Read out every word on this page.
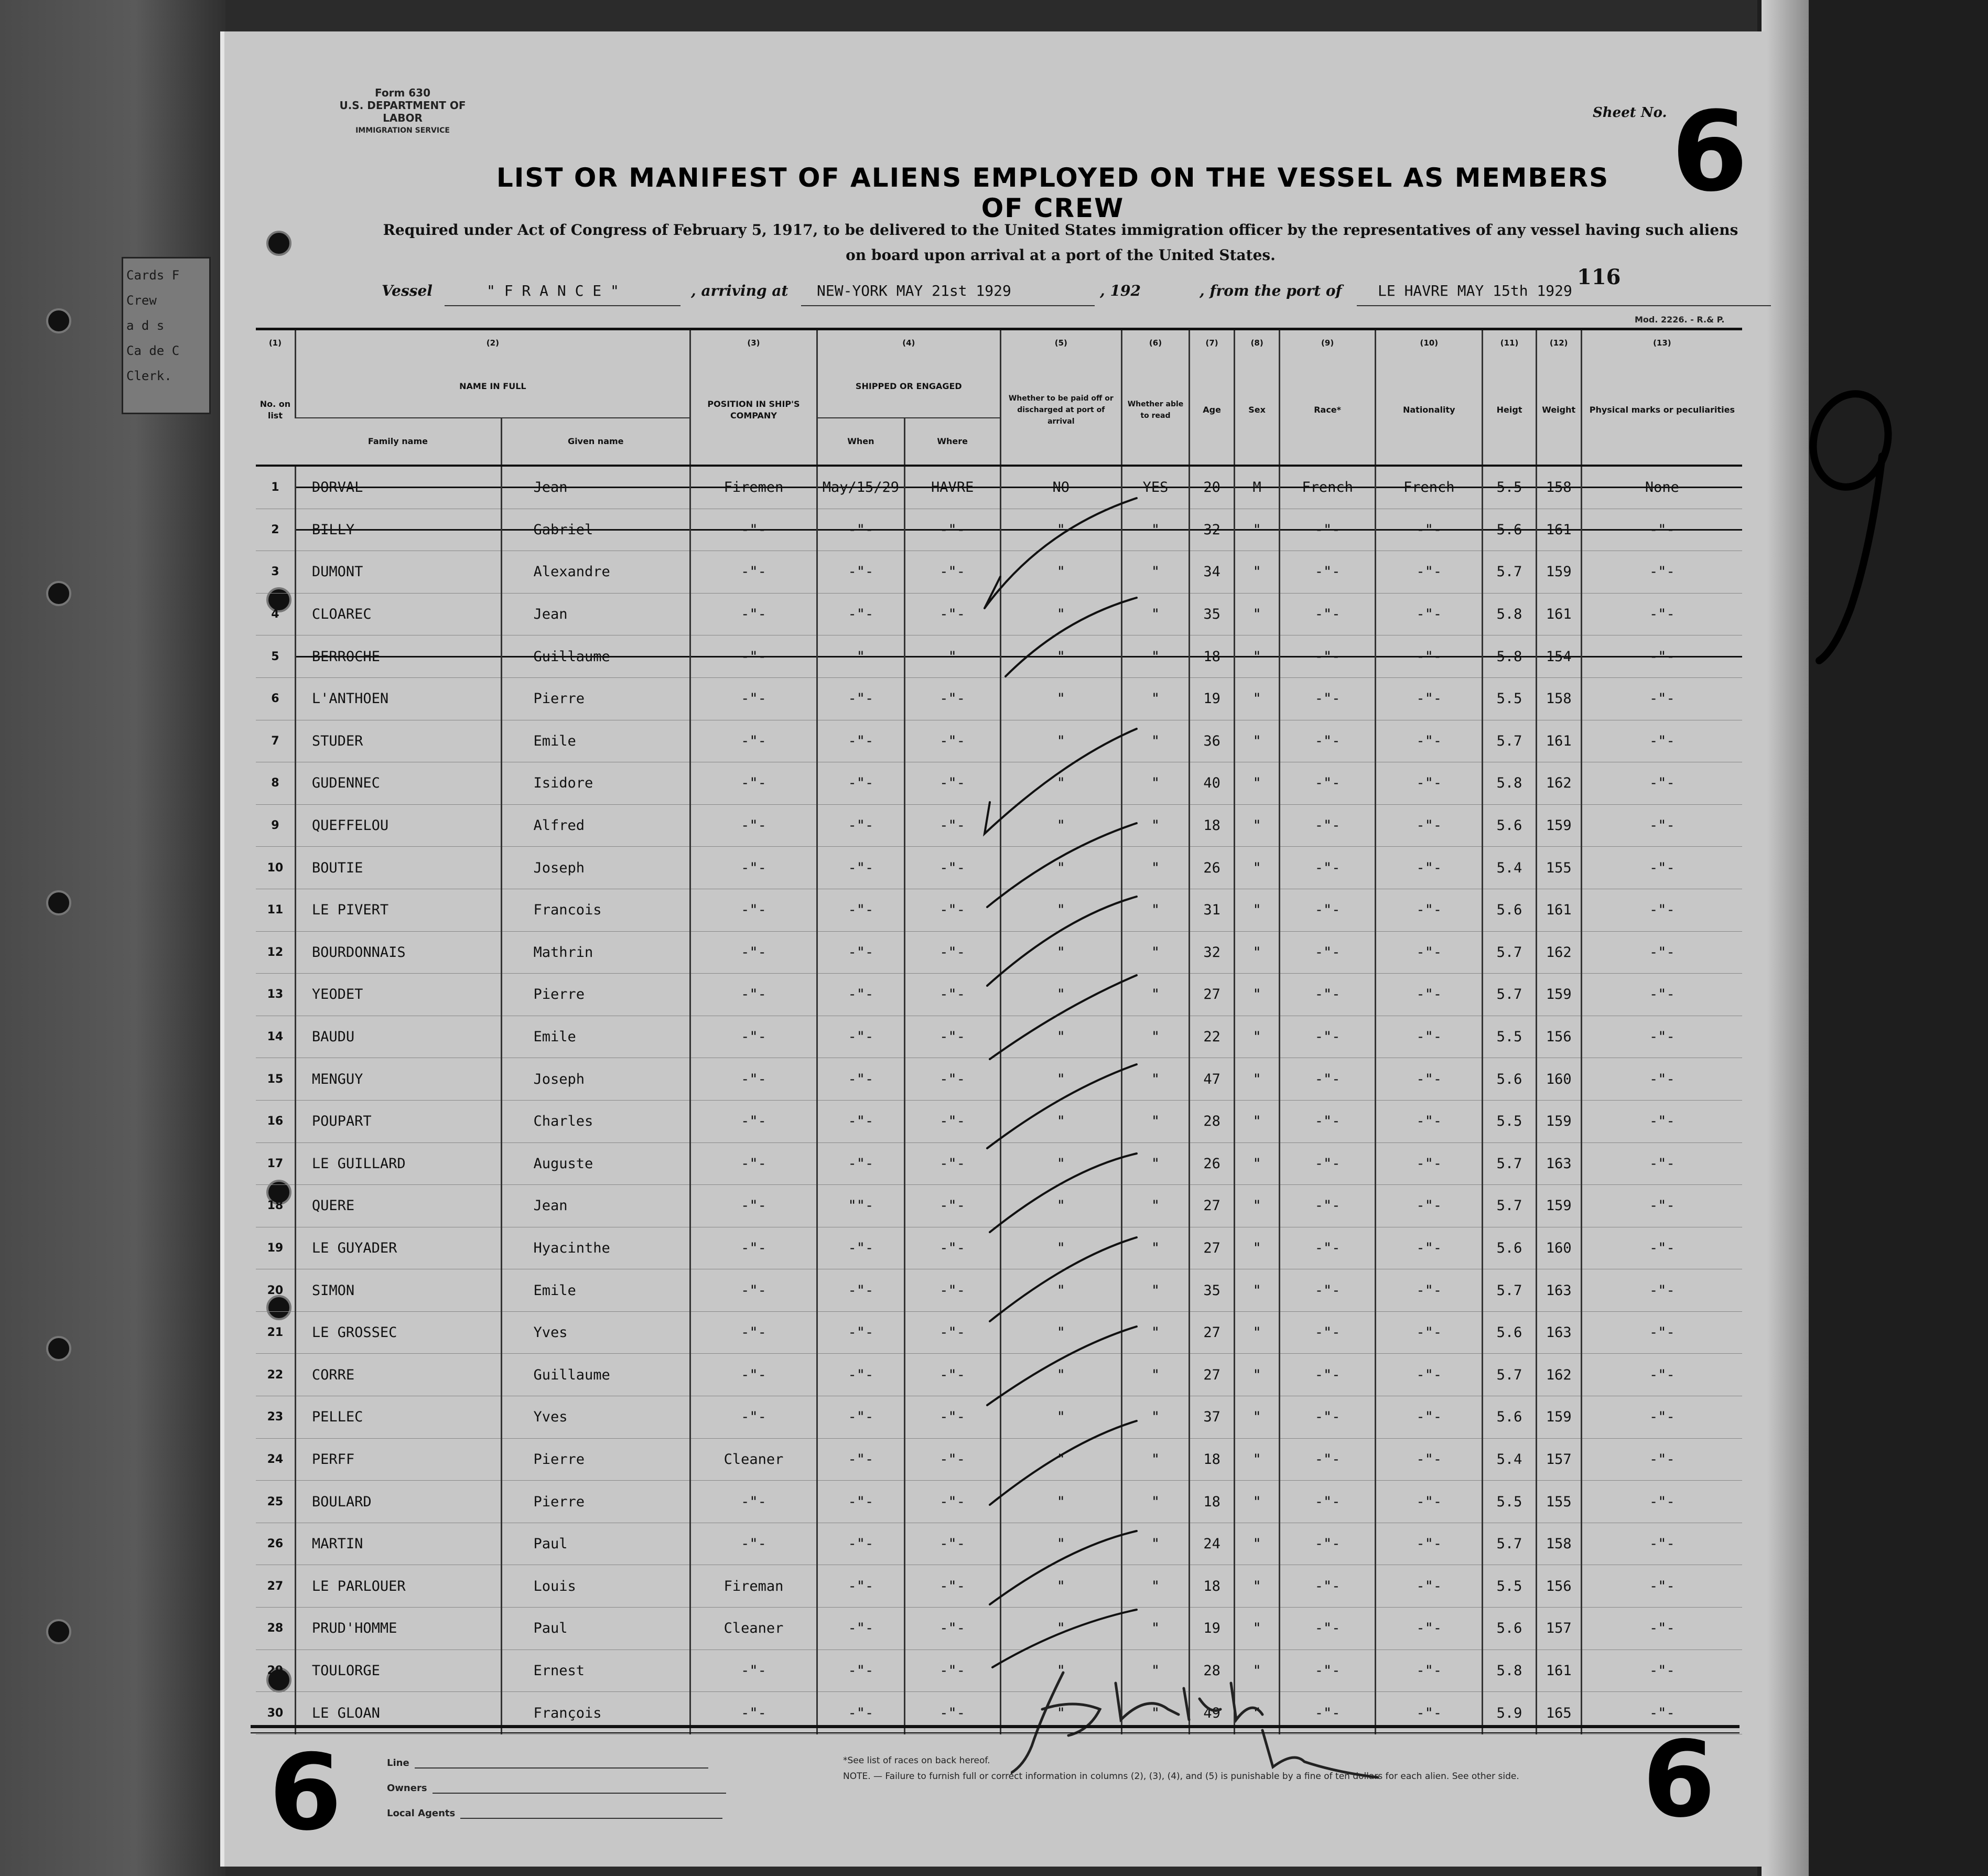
Cards F
Crew
a d s
Ca de C
Clerk.
Form 630
U.S. DEPARTMENT OF LABOR
IMMIGRATION SERVICE
Sheet No. 6
LIST OR MANIFEST OF ALIENS EMPLOYED ON THE VESSEL AS MEMBERS OF CREW
Required under Act of Congress of February 5, 1917, to be delivered to the United States immigration officer by the representatives of any vessel having such aliens
on board upon arrival at a port of the United States.
116
Vessel	" F R A N C E "	, arriving at NEW-YORK MAY 21st 1929	, 192	, from the port of LE HAVRE MAY 15th 1929
Mod. 2226. - R.& P.
(1)	(2)		(3)	(4)		(5)	(6)	(7)	(8)	(9)	(10)	(11)	(12)	(13)
No. on list	NAME IN FULL		POSITION IN SHIP'S COMPANY	SHIPPED OR ENGAGED		Whether to be paid off or discharged at port of arrival	Whether able to read	Age	Sex	Race*	Nationality	Heigt	Weight	Physical marks or peculiarities
	Family name	Given name		When	Where									
1	DORVAL	Jean	Firemen	May/15/29	HAVRE	NO	YES	20	M	French	French	5.5	158	None
2	BILLY	Gabriel	-"-	-"-	-"-	"	"	32	"	-"-	-"-	5.6	161	-"-
3	DUMONT	Alexandre	-"-	-"-	-"-	"	"	34	"	-"-	-"-	5.7	159	-"-
4	CLOAREC	Jean	-"-	-"-	-"-	"	"	35	"	-"-	-"-	5.8	161	-"-
5	BERROCHE	Guillaume	-"-	"	"	"	"	18	"	-"-	-"-	5.8	154	-"-
6	L'ANTHOEN	Pierre	-"-	-"-	-"-	"	"	19	"	-"-	-"-	5.5	158	-"-
7	STUDER	Emile	-"-	-"-	-"-	"	"	36	"	-"-	-"-	5.7	161	-"-
8	GUDENNEC	Isidore	-"-	-"-	-"-	"	"	40	"	-"-	-"-	5.8	162	-"-
9	QUEFFELOU	Alfred	-"-	-"-	-"-	"	"	18	"	-"-	-"-	5.6	159	-"-
10	BOUTIE	Joseph	-"-	-"-	-"-	"	"	26	"	-"-	-"-	5.4	155	-"-
11	LE PIVERT	Francois	-"-	-"-	-"-	"	"	31	"	-"-	-"-	5.6	161	-"-
12	BOURDONNAIS	Mathrin	-"-	-"-	-"-	"	"	32	"	-"-	-"-	5.7	162	-"-
13	YEODET	Pierre	-"-	-"-	-"-	"	"	27	"	-"-	-"-	5.7	159	-"-
14	BAUDU	Emile	-"-	-"-	-"-	"	"	22	"	-"-	-"-	5.5	156	-"-
15	MENGUY	Joseph	-"-	-"-	-"-	"	"	47	"	-"-	-"-	5.6	160	-"-
16	POUPART	Charles	-"-	-"-	-"-	"	"	28	"	-"-	-"-	5.5	159	-"-
17	LE GUILLARD	Auguste	-"-	-"-	-"-	"	"	26	"	-"-	-"-	5.7	163	-"-
18	QUERE	Jean	-"-	""-	-"-	"	"	27	"	-"-	-"-	5.7	159	-"-
19	LE GUYADER	Hyacinthe	-"-	-"-	-"-	"	"	27	"	-"-	-"-	5.6	160	-"-
20	SIMON	Emile	-"-	-"-	-"-	"	"	35	"	-"-	-"-	5.7	163	-"-
21	LE GROSSEC	Yves	-"-	-"-	-"-	"	"	27	"	-"-	-"-	5.6	163	-"-
22	CORRE	Guillaume	-"-	-"-	-"-	"	"	27	"	-"-	-"-	5.7	162	-"-
23	PELLEC	Yves	-"-	-"-	-"-	"	"	37	"	-"-	-"-	5.6	159	-"-
24	PERFF	Pierre	Cleaner	-"-	-"-	"	"	18	"	-"-	-"-	5.4	157	-"-
25	BOULARD	Pierre	-"-	-"-	-"-	"	"	18	"	-"-	-"-	5.5	155	-"-
26	MARTIN	Paul	-"-	-"-	-"-	"	"	24	"	-"-	-"-	5.7	158	-"-
27	LE PARLOUER	Louis	Fireman	-"-	-"-	"	"	18	"	-"-	-"-	5.5	156	-"-
28	PRUD'HOMME	Paul	Cleaner	-"-	-"-	"	"	19	"	-"-	-"-	5.6	157	-"-
29	TOULORGE	Ernest	-"-	-"-	-"-	"	"	28	"	-"-	-"-	5.8	161	-"-
30	LE GLOAN	François	-"-	-"-	-"-	"	"	49	"	-"-	-"-	5.9	165	-"-
6	6
Line
Owners
Local Agents
*See list of races on back hereof.
NOTE. — Failure to furnish full or correct information in columns (2), (3), (4), and (5) is punishable by a fine of ten dollars for each alien. See other side.
9
